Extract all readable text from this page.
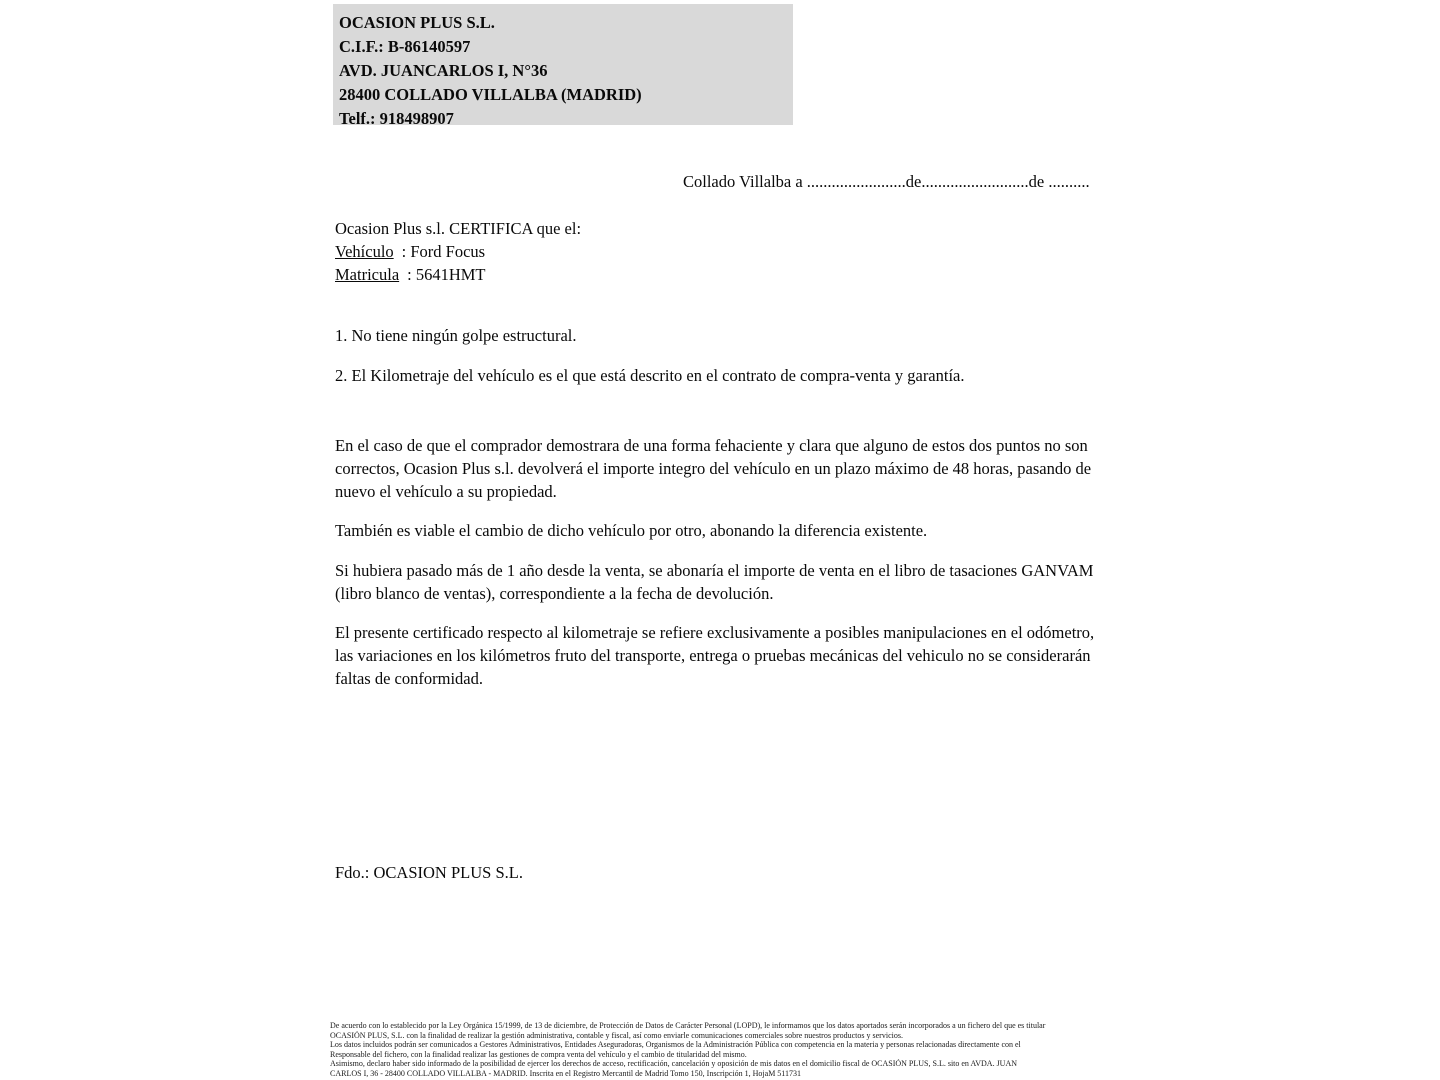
OCASION PLUS S.L.
C.I.F.: B-86140597
AVD. JUANCARLOS I, N°36
28400 COLLADO VILLALBA (MADRID)
Telf.: 918498907
Collado Villalba a ........................de..........................de ..........

Ocasion Plus s.l. CERTIFICA que el:

Vehículo : Ford Focus

Matricula : 5641HMT

1. No tiene ningún golpe estructural.

2. El Kilometraje del vehículo es el que está descrito en el contrato de compra-venta y garantía.

En el caso de que el comprador demostrara de una forma fehaciente y clara que alguno de estos dos puntos no son correctos, Ocasion Plus s.l. devolverá el importe integro del vehículo en un plazo máximo de 48 horas, pasando de nuevo el vehículo a su propiedad.

También es viable el cambio de dicho vehículo por otro, abonando la diferencia existente.

Si hubiera pasado más de 1 año desde la venta, se abonaría el importe de venta en el libro de tasaciones GANVAM (libro blanco de ventas), correspondiente a la fecha de devolución.

El presente certificado respecto al kilometraje se refiere exclusivamente a posibles manipulaciones en el odómetro, las variaciones en los kilómetros fruto del transporte, entrega o pruebas mecánicas del vehiculo no se considerarán faltas de conformidad.

Fdo.: OCASION PLUS S.L.
De acuerdo con lo establecido por la Ley Orgánica 15/1999, de 13 de diciembre, de Protección de Datos de Carácter Personal (LOPD), le informamos que los datos aportados serán incorporados a un fichero del que es titular
OCASIÓN PLUS, S.L. con la finalidad de realizar la gestión administrativa, contable y fiscal, así como enviarle comunicaciones comerciales sobre nuestros productos y servicios.
Los datos incluidos podrán ser comunicados a Gestores Administrativos, Entidades Aseguradoras, Organismos de la Administración Pública con competencia en la materia y personas relacionadas directamente con el
Responsable del fichero, con la finalidad realizar las gestiones de compra venta del vehículo y el cambio de titularidad del mismo.
Asimismo, declaro haber sido informado de la posibilidad de ejercer los derechos de acceso, rectificación, cancelación y oposición de mis datos en el domicilio fiscal de OCASIÓN PLUS, S.L. sito en AVDA. JUAN
CARLOS I, 36 - 28400 COLLADO VILLALBA - MADRID. Inscrita en el Registro Mercantil de Madrid Tomo 150, Inscripción 1, HojaM 511731
